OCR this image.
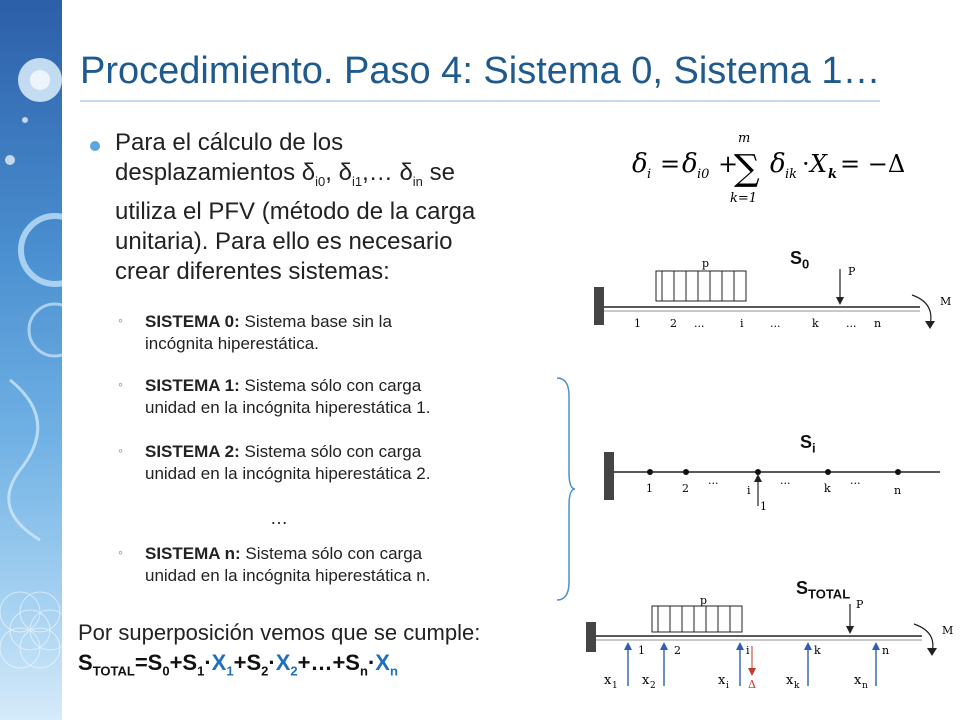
Procedimiento. Paso 4: Sistema 0, Sistema 1…
Para el cálculo de los
desplazamientos $\delta_{i0}$, $\delta_{i1},\dots$ $\delta_{in}$ se
utiliza el PFV (método de la carga
unitaria). Para ello es necesario
crear diferentes sistemas:
◦ SISTEMA 0: Sistema base sin la
incógnita hiperestática.
◦ SISTEMA 1: Sistema sólo con carga
unidad en la incógnita hiperestática 1.
◦ SISTEMA 2: Sistema sólo con carga
unidad en la incógnita hiperestática 2.
…
◦ SISTEMA n: Sistema sólo con carga
unidad en la incógnita hiperestática n.
δ i = δ i0 +
m
∑
k=1
δ ik · X k = −Δ
$S_0$
p
P
M
1	2 ...	i ...	k ... n
$S_i$
1
1	2
...
i
...
k
...
n
$S_{TOTAL}$
p	P
M
1	2	i	k	n
Δ
x 1 x 2	x i	x k	x n
Por superposición vemos que se cumple:
$S_{TOTAL}=S_0+S_1\cdot X_1+S_2\cdot X_2+\dots+S_n\cdot X_n$
